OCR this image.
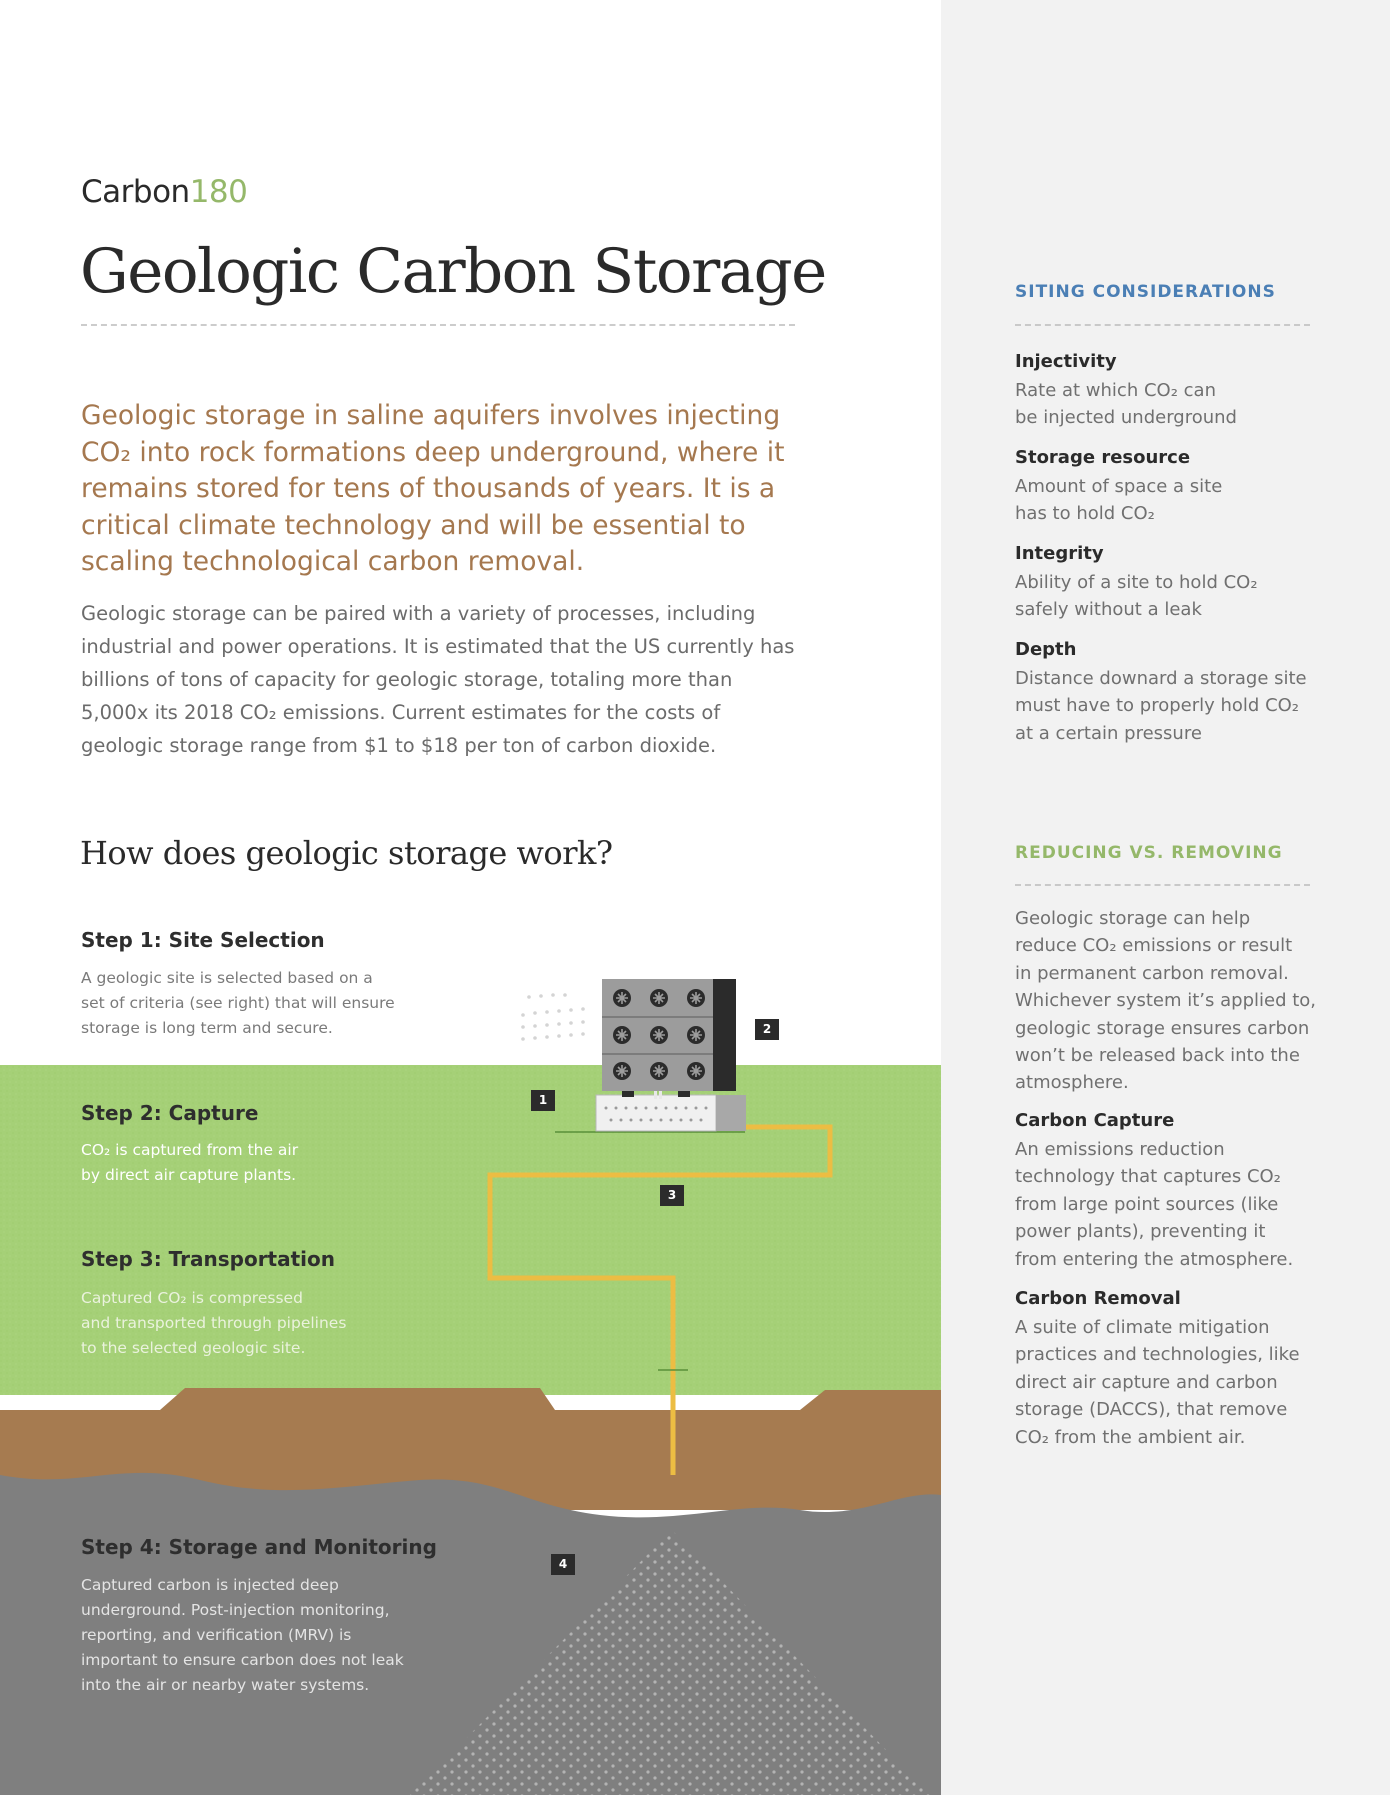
Carbon180
Geologic Carbon Storage

Geologic storage in saline aquifers involves injecting
CO₂ into rock formations deep underground, where it
remains stored for tens of thousands of years. It is a
critical climate technology and will be essential to
scaling technological carbon removal.

Geologic storage can be paired with a variety of processes, including
industrial and power operations. It is estimated that the US currently has
billions of tons of capacity for geologic storage, totaling more than
5,000x its 2018 CO₂ emissions. Current estimates for the costs of
geologic storage range from $1 to $18 per ton of carbon dioxide.

How does geologic storage work?
1
2
3
4
Step 1: Site Selection

A geologic site is selected based on a
set of criteria (see right) that will ensure
storage is long term and secure.

Step 2: Capture

CO₂ is captured from the air
by direct air capture plants.

Step 3: Transportation

Captured CO₂ is compressed
and transported through pipelines
to the selected geologic site.

Step 4: Storage and Monitoring

Captured carbon is injected deep
underground. Post-injection monitoring,
reporting, and verification (MRV) is
important to ensure carbon does not leak
into the air or nearby water systems.

SITING CONSIDERATIONS
Injectivity

Rate at which CO₂ can
be injected underground

Storage resource

Amount of space a site
has to hold CO₂

Integrity

Ability of a site to hold CO₂
safely without a leak

Depth

Distance downard a storage site
must have to properly hold CO₂
at a certain pressure

REDUCING VS. REMOVING

Geologic storage can help
reduce CO₂ emissions or result
in permanent carbon removal.
Whichever system it’s applied to,
geologic storage ensures carbon
won’t be released back into the
atmosphere.

Carbon Capture

An emissions reduction
technology that captures CO₂
from large point sources (like
power plants), preventing it
from entering the atmosphere.

Carbon Removal

A suite of climate mitigation
practices and technologies, like
direct air capture and carbon
storage (DACCS), that remove
CO₂ from the ambient air.
